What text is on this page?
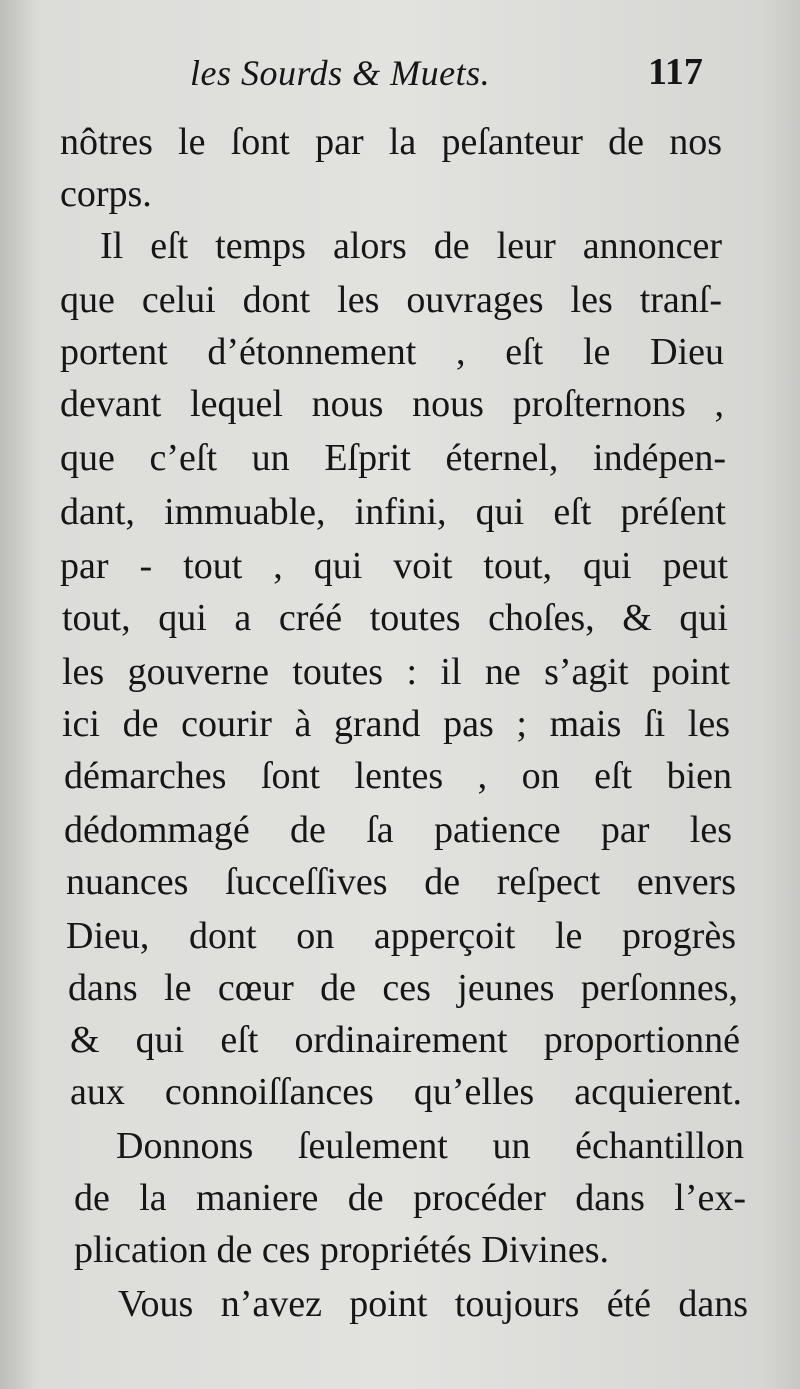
les Sourds & Muets.	117
nôtres le ſont par la peſanteur de nos
corps.
Il eſt temps alors de leur annoncer
que celui dont les ouvrages les tranſ-
portent d’étonnement , eſt le Dieu
devant lequel nous nous proſternons ,
que c’eſt un Eſprit éternel, indépen-
dant, immuable, infini, qui eſt préſent
par - tout , qui voit tout, qui peut
tout, qui a créé toutes choſes, & qui
les gouverne toutes : il ne s’agit point
ici de courir à grand pas ; mais ſi les
démarches ſont lentes , on eſt bien
dédommagé de ſa patience par les
nuances ſucceſſives de reſpect envers
Dieu, dont on apperçoit le progrès
dans le cœur de ces jeunes perſonnes,
& qui eſt ordinairement proportionné
aux connoiſſances qu’elles acquierent.
Donnons ſeulement un échantillon
de la maniere de procéder dans l’ex-
plication de ces propriétés Divines.
Vous n’avez point toujours été dans
